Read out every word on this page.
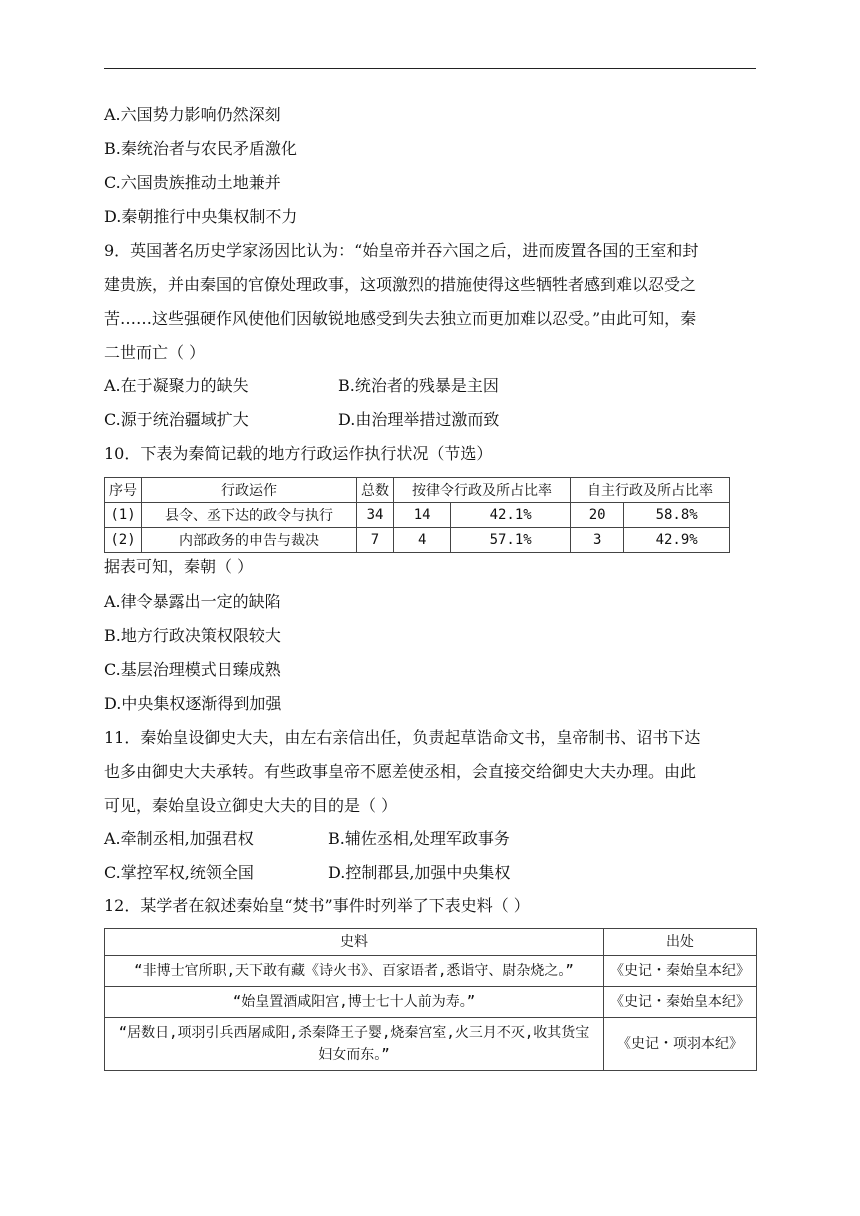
A.六国势力影响仍然深刻
B.秦统治者与农民矛盾激化
C.六国贵族推动土地兼并
D.秦朝推行中央集权制不力
9．英国著名历史学家汤因比认为：“始皇帝并吞六国之后，进而废置各国的王室和封
建贵族，并由秦国的官僚处理政事，这项激烈的措施使得这些牺牲者感到难以忍受之
苦……这些强硬作风使他们因敏锐地感受到失去独立而更加难以忍受。”由此可知，秦
二世而亡（ ）
A.在于凝聚力的缺失	B.统治者的残暴是主因
C.源于统治疆域扩大	D.由治理举措过激而致
10．下表为秦简记载的地方行政运作执行状况（节选）
序号	行政运作	总数	按律令行政及所占比率		自主行政及所占比率	
(1)	县令、丞下达的政令与执行	34	14	42.1%	20	58.8%
(2)	内部政务的申告与裁决	7	4	57.1%	3	42.9%
据表可知，秦朝（ ）
A.律令暴露出一定的缺陷
B.地方行政决策权限较大
C.基层治理模式日臻成熟
D.中央集权逐渐得到加强
11．秦始皇设御史大夫，由左右亲信出任，负责起草诰命文书，皇帝制书、诏书下达
也多由御史大夫承转。有些政事皇帝不愿差使丞相，会直接交给御史大夫办理。由此
可见，秦始皇设立御史大夫的目的是（ ）
A.牵制丞相,加强君权	B.辅佐丞相,处理军政事务
C.掌控军权,统领全国	D.控制郡县,加强中央集权
12．某学者在叙述秦始皇“焚书”事件时列举了下表史料（ ）
史料	出处
“非博士官所职,天下敢有藏《诗火书》、百家语者,悉诣守、尉杂烧之。”	《史记・秦始皇本纪》
“始皇置酒咸阳宫,博士七十人前为寿。”	《史记・秦始皇本纪》
“居数日,项羽引兵西屠咸阳,杀秦降王子婴,烧秦宫室,火三月不灭,收其货宝妇女而东。”	《史记・项羽本纪》
